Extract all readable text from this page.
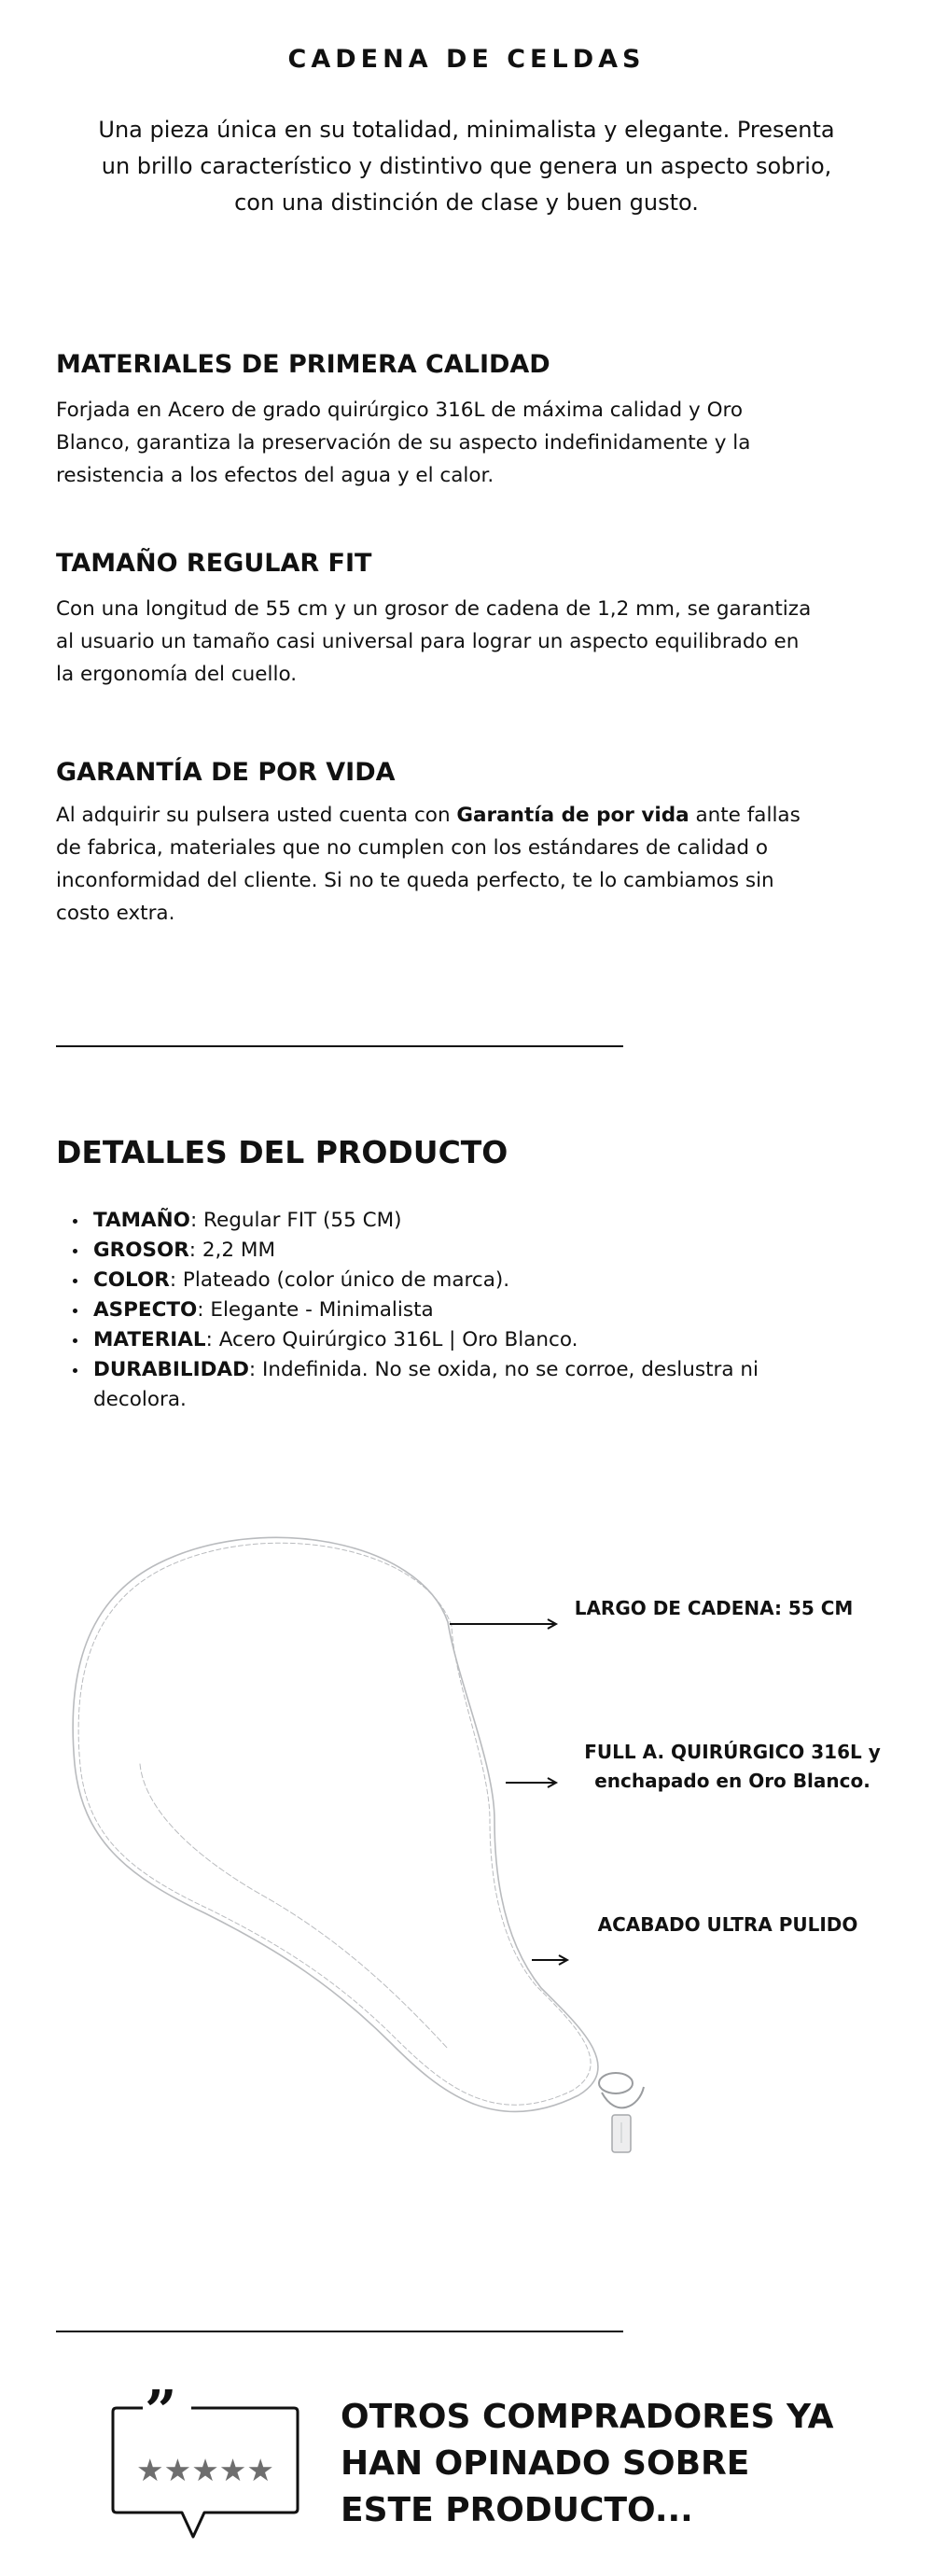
CADENA DE CELDAS

Una pieza única en su totalidad, minimalista y elegante. Presenta un brillo característico y distintivo que genera un aspecto sobrio, con una distinción de clase y buen gusto.

MATERIALES DE PRIMERA CALIDAD

Forjada en Acero de grado quirúrgico 316L de máxima calidad y Oro Blanco, garantiza la preservación de su aspecto indefinidamente y la resistencia a los efectos del agua y el calor.

TAMAÑO REGULAR FIT

Con una longitud de 55 cm y un grosor de cadena de 1,2 mm, se garantiza al usuario un tamaño casi universal para lograr un aspecto equilibrado en la ergonomía del cuello.

GARANTÍA DE POR VIDA

Al adquirir su pulsera usted cuenta con Garantía de por vida ante fallas de fabrica, materiales que no cumplen con los estándares de calidad o inconformidad del cliente. Si no te queda perfecto, te lo cambiamos sin costo extra.

DETALLES DEL PRODUCTO
TAMAÑO: Regular FIT (55 CM)
GROSOR: 2,2 MM
COLOR: Plateado (color único de marca).
ASPECTO: Elegante - Minimalista
MATERIAL: Acero Quirúrgico 316L | Oro Blanco.
DURABILIDAD: Indefinida. No se oxida, no se corroe, deslustra ni decolora.
LARGO DE CADENA: 55 CM
FULL A. QUIRÚRGICO 316L y
enchapado en Oro Blanco.
ACABADO ULTRA PULIDO
”
★★★★★
OTROS COMPRADORES YA
HAN OPINADO SOBRE
ESTE PRODUCTO...
